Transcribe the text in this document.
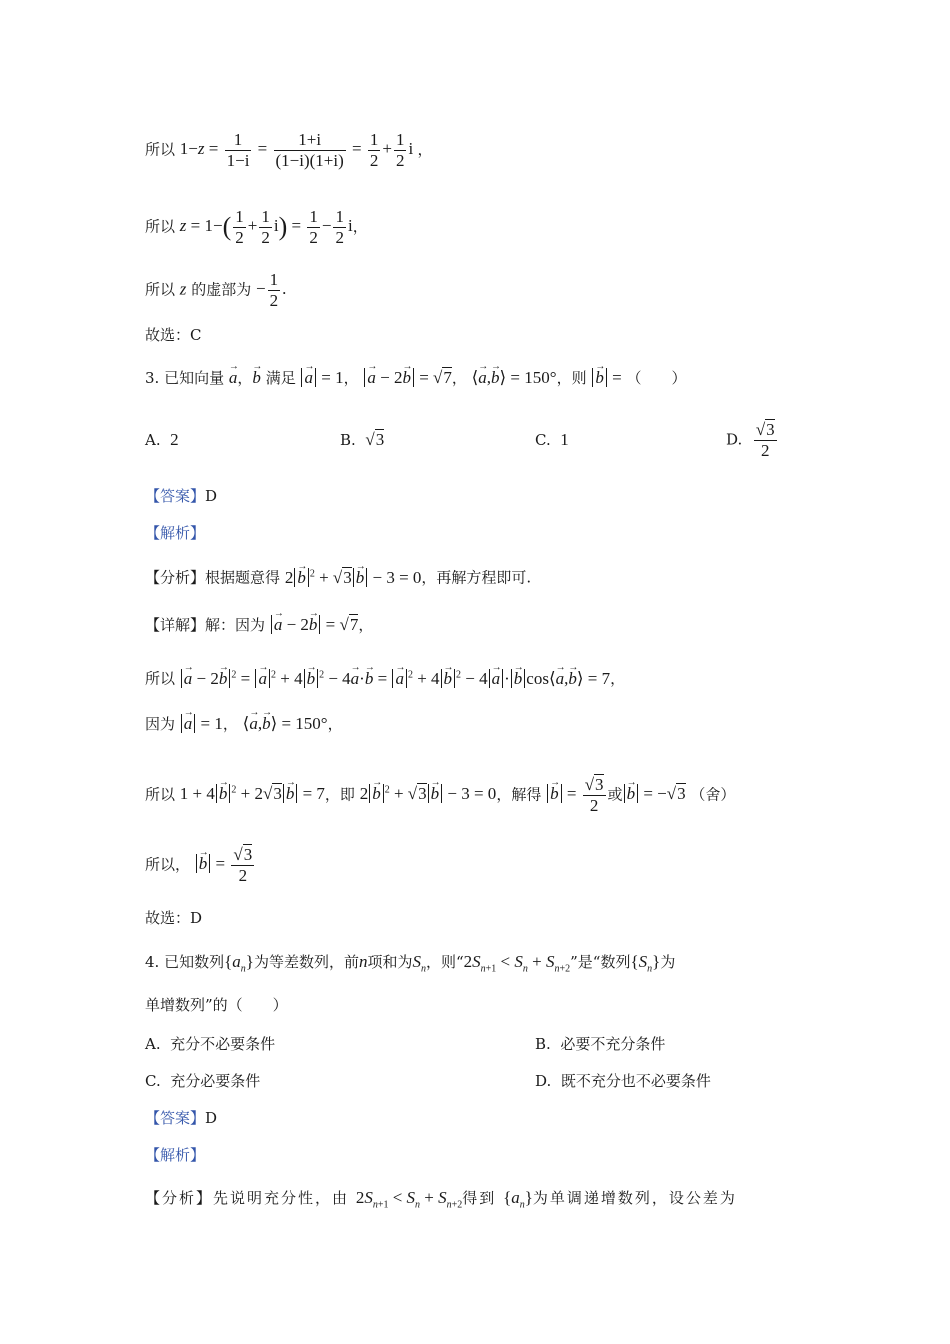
所以 $1-z = \frac{1}{1-i} = \frac{1+i}{(1-i)(1+i)} = \frac{1}{2} + \frac{1}{2}$ i ，
所以 $z = 1-( \frac{1}{2} + \frac{1}{2} i) = \frac{1}{2} - \frac{1}{2}$ i，
所以 z 的虚部为 − $\frac{1}{2}$ .
故选：C
3. 已知向量 → a，→ b 满足 → a = 1， → a − 2→ b = √7， ⟨→ a,→ b⟩ = 150°，则 → b = （　　）
A. 2	B. √3	C. 1	D. $\frac{√3}{2}$
【答案】D
【解析】
【分析】根据题意得 2 → b $^2$ + √3 → b − 3 = 0，再解方程即可.
【详解】解：因为 → a − 2→ b = √7，
所以 → a − 2→ b $^2$ = → a $^2$ + 4 → b $^2$ − 4→ a·→ b = → a $^2$ + 4 → b $^2$ − 4 → a · → b cos⟨→ a,→ b⟩ = 7，
因为 → a = 1， ⟨→ a,→ b⟩ = 150°，
所以 1 + 4 → b $^2$ + 2√3 → b = 7，即 2 → b $^2$ + √3 → b − 3 = 0，解得 → $b = \frac{√3}{2}$ 或 → b = −√3 （舍）
所以， → $b = \frac{√3}{2}$
故选：D
4. 已知数列$\{a_n\}$为等差数列，前n项和为$S_n$，则“$2S_{n+1} < S_n + S_{n+2}$”是“数列$\{S_n\}$为
单增数列”的（　　）
A. 充分不必要条件	B. 必要不充分条件
C. 充分必要条件	D. 既不充分也不必要条件
【答案】D
【解析】
【分析】先说明充分性，由 $2S_{n+1} < S_n + S_{n+2}$得到 $\{a_n\}$为单调递增数列，设公差为
